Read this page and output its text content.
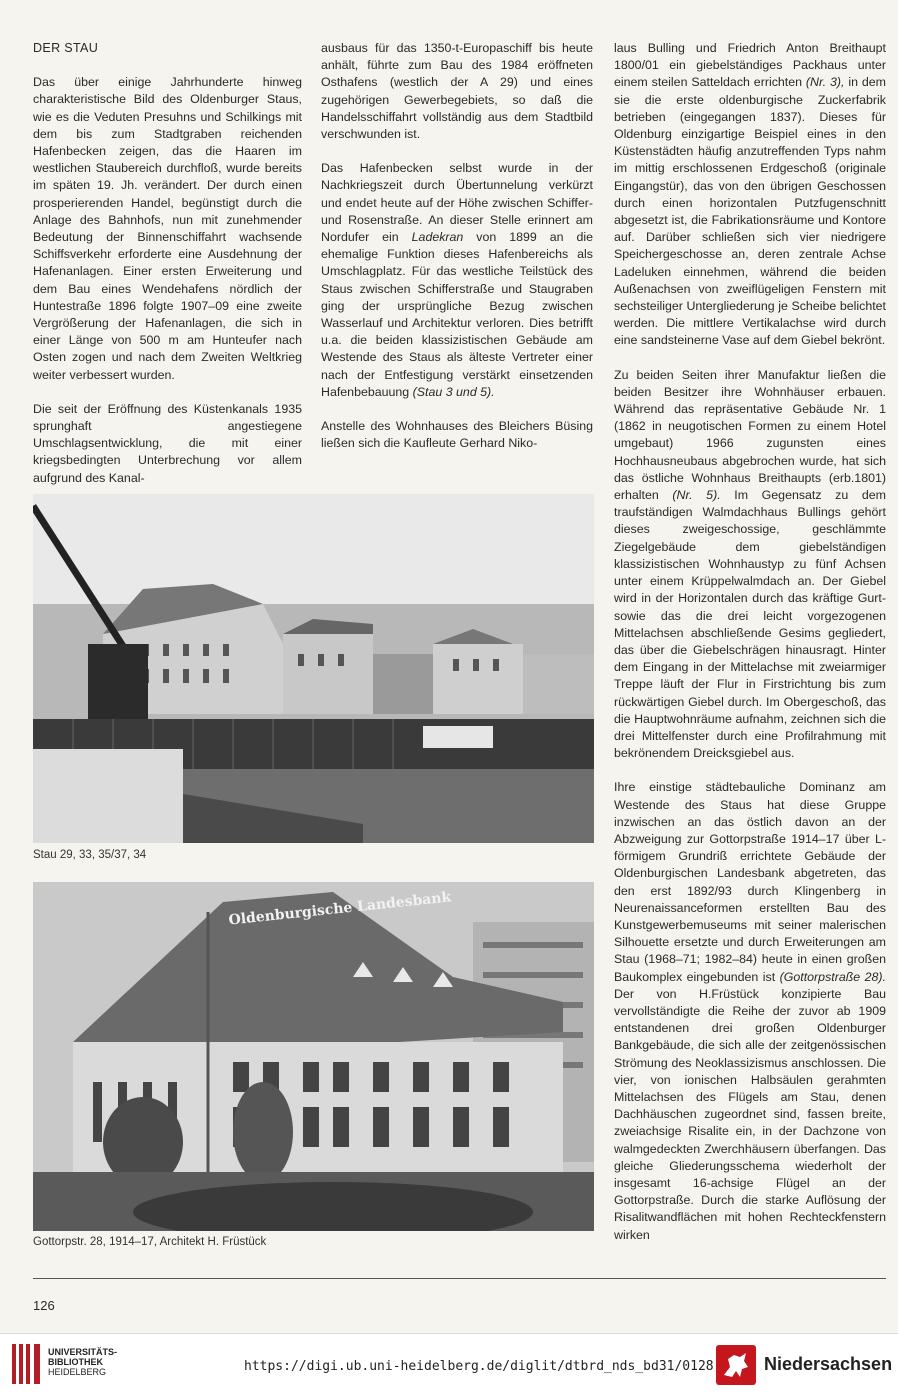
DER STAU

Das über einige Jahrhunderte hinweg charakteristische Bild des Oldenburger Staus, wie es die Veduten Presuhns und Schilkings mit dem bis zum Stadtgraben reichenden Hafenbecken zeigen, das die Haaren im westlichen Staubereich durchfloß, wurde bereits im späten 19. Jh. verändert. Der durch einen prosperierenden Handel, begünstigt durch die Anlage des Bahnhofs, nun mit zunehmender Bedeutung der Binnenschiffahrt wachsende Schiffsverkehr erforderte eine Ausdehnung der Hafenanlagen. Einer ersten Erweiterung und dem Bau eines Wendehafens nördlich der Huntestraße 1896 folgte 1907–09 eine zweite Vergrößerung der Hafenanlagen, die sich in einer Länge von 500 m am Hunteufer nach Osten zogen und nach dem Zweiten Weltkrieg weiter verbessert wurden.

Die seit der Eröffnung des Küstenkanals 1935 sprunghaft angestiegene Umschlagsentwicklung, die mit einer kriegsbedingten Unterbrechung vor allem aufgrund des Kanal-

ausbaus für das 1350-t-Europaschiff bis heute anhält, führte zum Bau des 1984 eröffneten Osthafens (westlich der A 29) und eines zugehörigen Gewerbegebiets, so daß die Handelsschiffahrt vollständig aus dem Stadtbild verschwunden ist.

Das Hafenbecken selbst wurde in der Nachkriegszeit durch Übertunnelung verkürzt und endet heute auf der Höhe zwischen Schiffer- und Rosenstraße. An dieser Stelle erinnert am Nordufer ein Ladekran von 1899 an die ehemalige Funktion dieses Hafenbereichs als Umschlagplatz. Für das westliche Teilstück des Staus zwischen Schifferstraße und Staugraben ging der ursprüngliche Bezug zwischen Wasserlauf und Architektur verloren. Dies betrifft u.a. die beiden klassizistischen Gebäude am Westende des Staus als älteste Vertreter einer nach der Entfestigung verstärkt einsetzenden Hafenbebauung (Stau 3 und 5).

Anstelle des Wohnhauses des Bleichers Büsing ließen sich die Kaufleute Gerhard Niko-

laus Bulling und Friedrich Anton Breithaupt 1800/01 ein giebelständiges Packhaus unter einem steilen Satteldach errichten (Nr. 3), in dem sie die erste oldenburgische Zuckerfabrik betrieben (eingegangen 1837). Dieses für Oldenburg einzigartige Beispiel eines in den Küstenstädten häufig anzutreffenden Typs nahm im mittig erschlossenen Erdgeschoß (originale Eingangstür), das von den übrigen Geschossen durch einen horizontalen Putzfugenschnitt abgesetzt ist, die Fabrikationsräume und Kontore auf. Darüber schließen sich vier niedrigere Speichergeschosse an, deren zentrale Achse Ladeluken einnehmen, während die beiden Außenachsen von zweiflügeligen Fenstern mit sechsteiliger Untergliederung je Scheibe belichtet werden. Die mittlere Vertikalachse wird durch eine sandsteinerne Vase auf dem Giebel bekrönt.

Zu beiden Seiten ihrer Manufaktur ließen die beiden Besitzer ihre Wohnhäuser erbauen. Während das repräsentative Gebäude Nr. 1 (1862 in neugotischen Formen zu einem Hotel umgebaut) 1966 zugunsten eines Hochhausneubaus abgebrochen wurde, hat sich das östliche Wohnhaus Breithaupts (erb.1801) erhalten (Nr. 5). Im Gegensatz zu dem traufständigen Walmdachhaus Bullings gehört dieses zweigeschossige, geschlämmte Ziegelgebäude dem giebelständigen klassizistischen Wohnhaustyp zu fünf Achsen unter einem Krüppelwalmdach an. Der Giebel wird in der Horizontalen durch das kräftige Gurt- sowie das die drei leicht vorgezogenen Mittelachsen abschließende Gesims gegliedert, das über die Giebelschrägen hinausragt. Hinter dem Eingang in der Mittelachse mit zweiarmiger Treppe läuft der Flur in Firstrichtung bis zum rückwärtigen Giebel durch. Im Obergeschoß, das die Hauptwohnräume aufnahm, zeichnen sich die drei Mittelfenster durch eine Profilrahmung mit bekrönendem Dreicksgiebel aus.

Ihre einstige städtebauliche Dominanz am Westende des Staus hat diese Gruppe inzwischen an das östlich davon an der Abzweigung zur Gottorpstraße 1914–17 über L-förmigem Grundriß errichtete Gebäude der Oldenburgischen Landesbank abgetreten, das den erst 1892/93 durch Klingenberg in Neurenaissanceformen erstellten Bau des Kunstgewerbemuseums mit seiner malerischen Silhouette ersetzte und durch Erweiterungen am Stau (1968–71; 1982–84) heute in einen großen Baukomplex eingebunden ist (Gottorpstraße 28). Der von H.Früstück konzipierte Bau vervollständigte die Reihe der zuvor ab 1909 entstandenen drei großen Oldenburger Bankgebäude, die sich alle der zeitgenössischen Strömung des Neoklassizismus anschlossen. Die vier, von ionischen Halbsäulen gerahmten Mittelachsen des Flügels am Stau, denen Dachhäuschen zugeordnet sind, fassen breite, zweiachsige Risalite ein, in der Dachzone von walmgedeckten Zwerchhäusern überfangen. Das gleiche Gliederungsschema wiederholt der insgesamt 16-achsige Flügel an der Gottorpstraße. Durch die starke Auflösung der Risalitwandflächen mit hohen Rechteckfenstern wirken

Stau 29, 33, 35/37, 34
Oldenburgische Landesbank
Gottorpstr. 28, 1914–17, Architekt H. Früstück
126
UNIVERSITÄTS-
BIBLIOTHEK
HEIDELBERG	https://digi.ub.uni-heidelberg.de/diglit/dtbrd_nds_bd31/0128	Niedersachsen
